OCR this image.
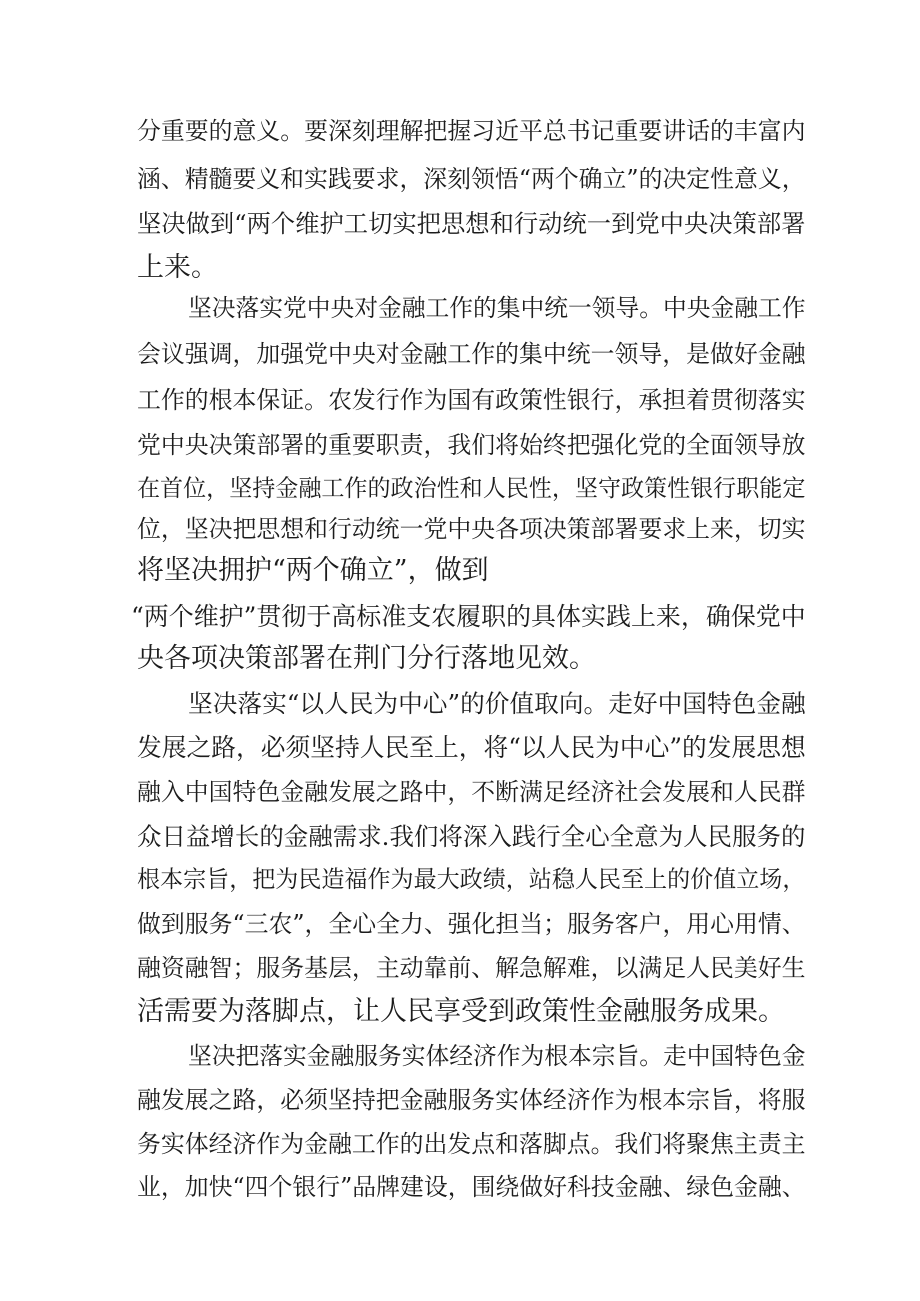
分重要的意义。要深刻理解把握习近平总书记重要讲话的丰富内
涵、精髓要义和实践要求，深刻领悟“两个确立”的决定性意义，
坚决做到“两个维护工切实把思想和行动统一到党中央决策部署
上来。
坚决落实党中央对金融工作的集中统一领导。中央金融工作
会议强调，加强党中央对金融工作的集中统一领导，是做好金融
工作的根本保证。农发行作为国有政策性银行，承担着贯彻落实
党中央决策部署的重要职责，我们将始终把强化党的全面领导放
在首位，坚持金融工作的政治性和人民性，坚守政策性银行职能定
位，坚决把思想和行动统一党中央各项决策部署要求上来，切实
将坚决拥护“两个确立”，做到
“两个维护”贯彻于高标准支农履职的具体实践上来，确保党中
央各项决策部署在荆门分行落地见效。
坚决落实“以人民为中心”的价值取向。走好中国特色金融
发展之路，必须坚持人民至上，将“以人民为中心”的发展思想
融入中国特色金融发展之路中，不断满足经济社会发展和人民群
众日益增长的金融需求.我们将深入践行全心全意为人民服务的
根本宗旨，把为民造福作为最大政绩，站稳人民至上的价值立场，
做到服务“三农”，全心全力、强化担当；服务客户，用心用情、
融资融智；服务基层，主动靠前、解急解难，以满足人民美好生
活需要为落脚点，让人民享受到政策性金融服务成果。
坚决把落实金融服务实体经济作为根本宗旨。走中国特色金
融发展之路，必须坚持把金融服务实体经济作为根本宗旨，将服
务实体经济作为金融工作的出发点和落脚点。我们将聚焦主责主
业，加快“四个银行”品牌建设，围绕做好科技金融、绿色金融、
